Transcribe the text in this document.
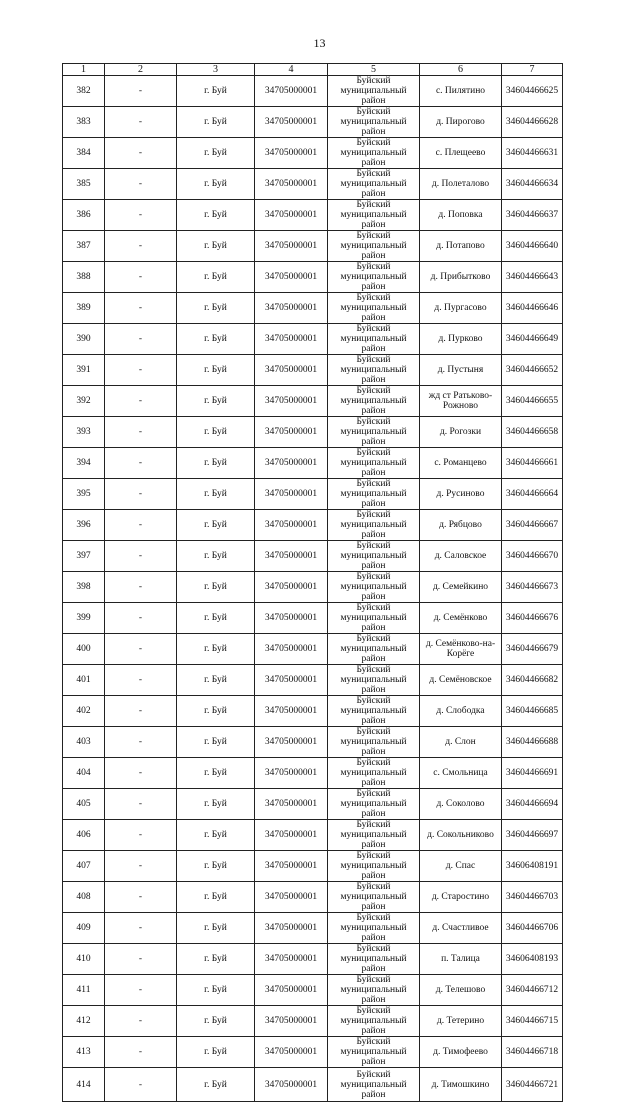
13
1	2	3	4	5	6	7
382	-	г. Буй	34705000001	Буйский муниципальный район	с. Пилятино	34604466625
383	-	г. Буй	34705000001	Буйский муниципальный район	д. Пирогово	34604466628
384	-	г. Буй	34705000001	Буйский муниципальный район	с. Плещеево	34604466631
385	-	г. Буй	34705000001	Буйский муниципальный район	д. Полеталово	34604466634
386	-	г. Буй	34705000001	Буйский муниципальный район	д. Поповка	34604466637
387	-	г. Буй	34705000001	Буйский муниципальный район	д. Потапово	34604466640
388	-	г. Буй	34705000001	Буйский муниципальный район	д. Прибытково	34604466643
389	-	г. Буй	34705000001	Буйский муниципальный район	д. Пургасово	34604466646
390	-	г. Буй	34705000001	Буйский муниципальный район	д. Пурково	34604466649
391	-	г. Буй	34705000001	Буйский муниципальный район	д. Пустыня	34604466652
392	-	г. Буй	34705000001	Буйский муниципальный район	жд ст Ратьково-Рожново	34604466655
393	-	г. Буй	34705000001	Буйский муниципальный район	д. Рогозки	34604466658
394	-	г. Буй	34705000001	Буйский муниципальный район	с. Романцево	34604466661
395	-	г. Буй	34705000001	Буйский муниципальный район	д. Русиново	34604466664
396	-	г. Буй	34705000001	Буйский муниципальный район	д. Рябцово	34604466667
397	-	г. Буй	34705000001	Буйский муниципальный район	д. Саловское	34604466670
398	-	г. Буй	34705000001	Буйский муниципальный район	д. Семейкино	34604466673
399	-	г. Буй	34705000001	Буйский муниципальный район	д. Семёнково	34604466676
400	-	г. Буй	34705000001	Буйский муниципальный район	д. Семёнково-на-Корёге	34604466679
401	-	г. Буй	34705000001	Буйский муниципальный район	д. Семёновское	34604466682
402	-	г. Буй	34705000001	Буйский муниципальный район	д. Слободка	34604466685
403	-	г. Буй	34705000001	Буйский муниципальный район	д. Слон	34604466688
404	-	г. Буй	34705000001	Буйский муниципальный район	с. Смольница	34604466691
405	-	г. Буй	34705000001	Буйский муниципальный район	д. Соколово	34604466694
406	-	г. Буй	34705000001	Буйский муниципальный район	д. Сокольниково	34604466697
407	-	г. Буй	34705000001	Буйский муниципальный район	д. Спас	34606408191
408	-	г. Буй	34705000001	Буйский муниципальный район	д. Старостино	34604466703
409	-	г. Буй	34705000001	Буйский муниципальный район	д. Счастливое	34604466706
410	-	г. Буй	34705000001	Буйский муниципальный район	п. Талица	34606408193
411	-	г. Буй	34705000001	Буйский муниципальный район	д. Телешово	34604466712
412	-	г. Буй	34705000001	Буйский муниципальный район	д. Тетерино	34604466715
413	-	г. Буй	34705000001	Буйский муниципальный район	д. Тимофеево	34604466718
414	-	г. Буй	34705000001	Буйский муниципальный район	д. Тимошкино	34604466721
